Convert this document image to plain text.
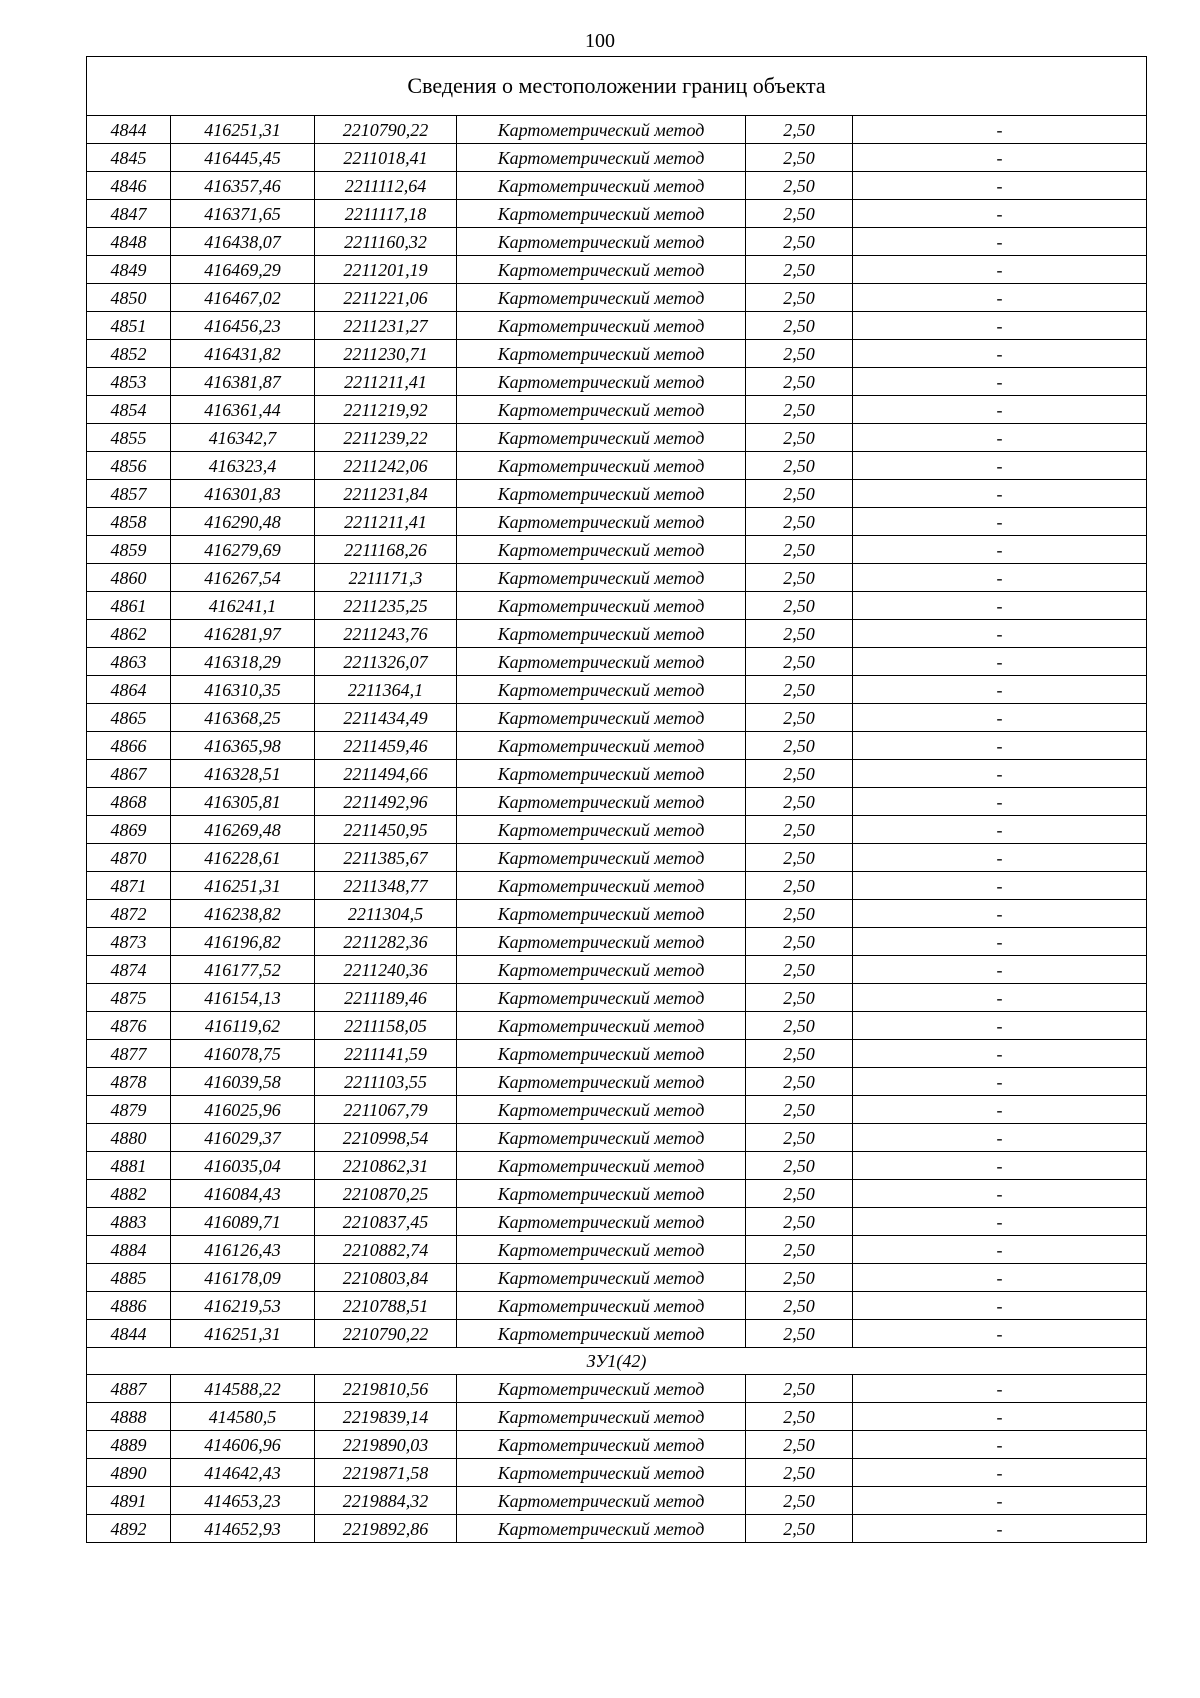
100
Сведения о местоположении границ объекта					
4844	416251,31	2210790,22	Картометрический метод	2,50	-
4845	416445,45	2211018,41	Картометрический метод	2,50	-
4846	416357,46	2211112,64	Картометрический метод	2,50	-
4847	416371,65	2211117,18	Картометрический метод	2,50	-
4848	416438,07	2211160,32	Картометрический метод	2,50	-
4849	416469,29	2211201,19	Картометрический метод	2,50	-
4850	416467,02	2211221,06	Картометрический метод	2,50	-
4851	416456,23	2211231,27	Картометрический метод	2,50	-
4852	416431,82	2211230,71	Картометрический метод	2,50	-
4853	416381,87	2211211,41	Картометрический метод	2,50	-
4854	416361,44	2211219,92	Картометрический метод	2,50	-
4855	416342,7	2211239,22	Картометрический метод	2,50	-
4856	416323,4	2211242,06	Картометрический метод	2,50	-
4857	416301,83	2211231,84	Картометрический метод	2,50	-
4858	416290,48	2211211,41	Картометрический метод	2,50	-
4859	416279,69	2211168,26	Картометрический метод	2,50	-
4860	416267,54	2211171,3	Картометрический метод	2,50	-
4861	416241,1	2211235,25	Картометрический метод	2,50	-
4862	416281,97	2211243,76	Картометрический метод	2,50	-
4863	416318,29	2211326,07	Картометрический метод	2,50	-
4864	416310,35	2211364,1	Картометрический метод	2,50	-
4865	416368,25	2211434,49	Картометрический метод	2,50	-
4866	416365,98	2211459,46	Картометрический метод	2,50	-
4867	416328,51	2211494,66	Картометрический метод	2,50	-
4868	416305,81	2211492,96	Картометрический метод	2,50	-
4869	416269,48	2211450,95	Картометрический метод	2,50	-
4870	416228,61	2211385,67	Картометрический метод	2,50	-
4871	416251,31	2211348,77	Картометрический метод	2,50	-
4872	416238,82	2211304,5	Картометрический метод	2,50	-
4873	416196,82	2211282,36	Картометрический метод	2,50	-
4874	416177,52	2211240,36	Картометрический метод	2,50	-
4875	416154,13	2211189,46	Картометрический метод	2,50	-
4876	416119,62	2211158,05	Картометрический метод	2,50	-
4877	416078,75	2211141,59	Картометрический метод	2,50	-
4878	416039,58	2211103,55	Картометрический метод	2,50	-
4879	416025,96	2211067,79	Картометрический метод	2,50	-
4880	416029,37	2210998,54	Картометрический метод	2,50	-
4881	416035,04	2210862,31	Картометрический метод	2,50	-
4882	416084,43	2210870,25	Картометрический метод	2,50	-
4883	416089,71	2210837,45	Картометрический метод	2,50	-
4884	416126,43	2210882,74	Картометрический метод	2,50	-
4885	416178,09	2210803,84	Картометрический метод	2,50	-
4886	416219,53	2210788,51	Картометрический метод	2,50	-
4844	416251,31	2210790,22	Картометрический метод	2,50	-
ЗУ1(42)					
4887	414588,22	2219810,56	Картометрический метод	2,50	-
4888	414580,5	2219839,14	Картометрический метод	2,50	-
4889	414606,96	2219890,03	Картометрический метод	2,50	-
4890	414642,43	2219871,58	Картометрический метод	2,50	-
4891	414653,23	2219884,32	Картометрический метод	2,50	-
4892	414652,93	2219892,86	Картометрический метод	2,50	-
